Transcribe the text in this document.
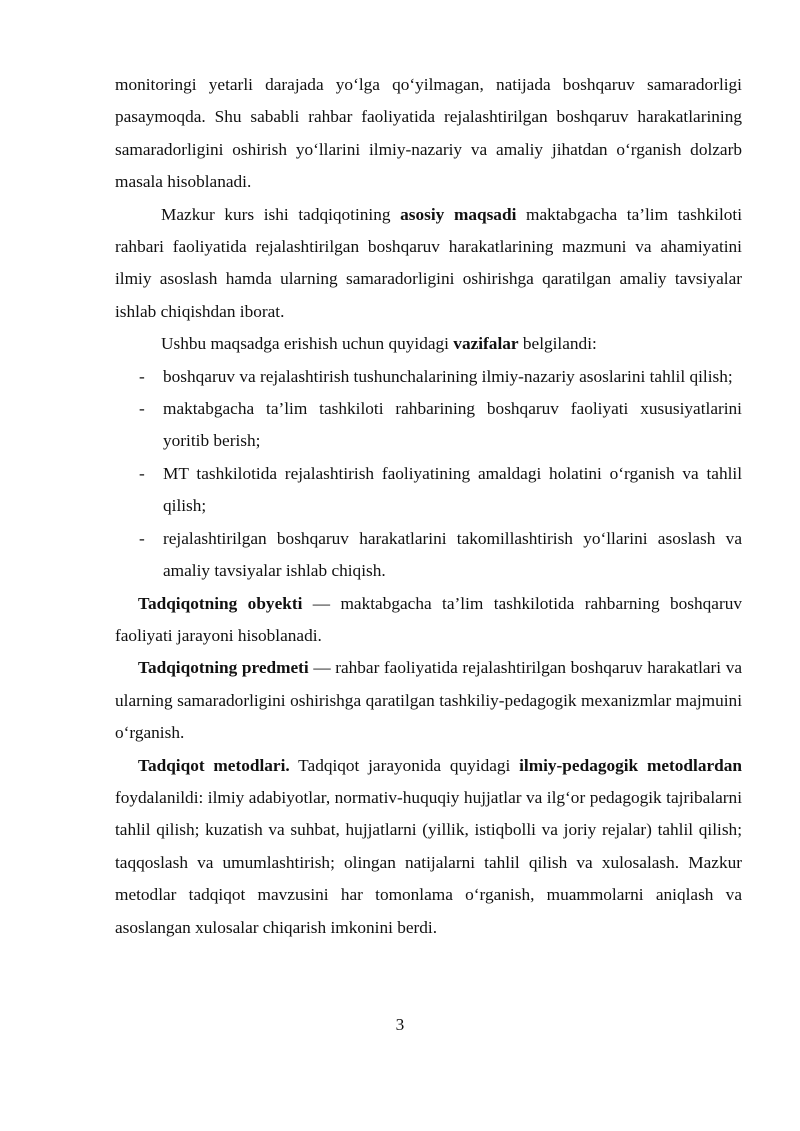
monitoringi yetarli darajada yo‘lga qo‘yilmagan, natijada boshqaruv samaradorligi pasaymoqda. Shu sababli rahbar faoliyatida rejalashtirilgan boshqaruv harakatlarining samaradorligini oshirish yo‘llarini ilmiy-nazariy va amaliy jihatdan o‘rganish dolzarb masala hisoblanadi.

Mazkur kurs ishi tadqiqotining asosiy maqsadi maktabgacha ta’lim tashkiloti rahbari faoliyatida rejalashtirilgan boshqaruv harakatlarining mazmuni va ahamiyatini ilmiy asoslash hamda ularning samaradorligini oshirishga qaratilgan amaliy tavsiyalar ishlab chiqishdan iborat.

Ushbu maqsadga erishish uchun quyidagi vazifalar belgilandi:

- boshqaruv va rejalashtirish tushunchalarining ilmiy-nazariy asoslarini tahlil qilish;
- maktabgacha ta’lim tashkiloti rahbarining boshqaruv faoliyati xususiyatlarini yoritib berish;
- MT tashkilotida rejalashtirish faoliyatining amaldagi holatini o‘rganish va tahlil qilish;
- rejalashtirilgan boshqaruv harakatlarini takomillashtirish yo‘llarini asoslash va amaliy tavsiyalar ishlab chiqish.

Tadqiqotning obyekti — maktabgacha ta’lim tashkilotida rahbarning boshqaruv faoliyati jarayoni hisoblanadi.

Tadqiqotning predmeti — rahbar faoliyatida rejalashtirilgan boshqaruv harakatlari va ularning samaradorligini oshirishga qaratilgan tashkiliy-pedagogik mexanizmlar majmuini o‘rganish.

Tadqiqot metodlari. Tadqiqot jarayonida quyidagi ilmiy-pedagogik metodlardan foydalanildi: ilmiy adabiyotlar, normativ-huquqiy hujjatlar va ilg‘or pedagogik tajribalarni tahlil qilish; kuzatish va suhbat, hujjatlarni (yillik, istiqbolli va joriy rejalar) tahlil qilish; taqqoslash va umumlashtirish; olingan natijalarni tahlil qilish va xulosalash. Mazkur metodlar tadqiqot mavzusini har tomonlama o‘rganish, muammolarni aniqlash va asoslangan xulosalar chiqarish imkonini berdi.

3
